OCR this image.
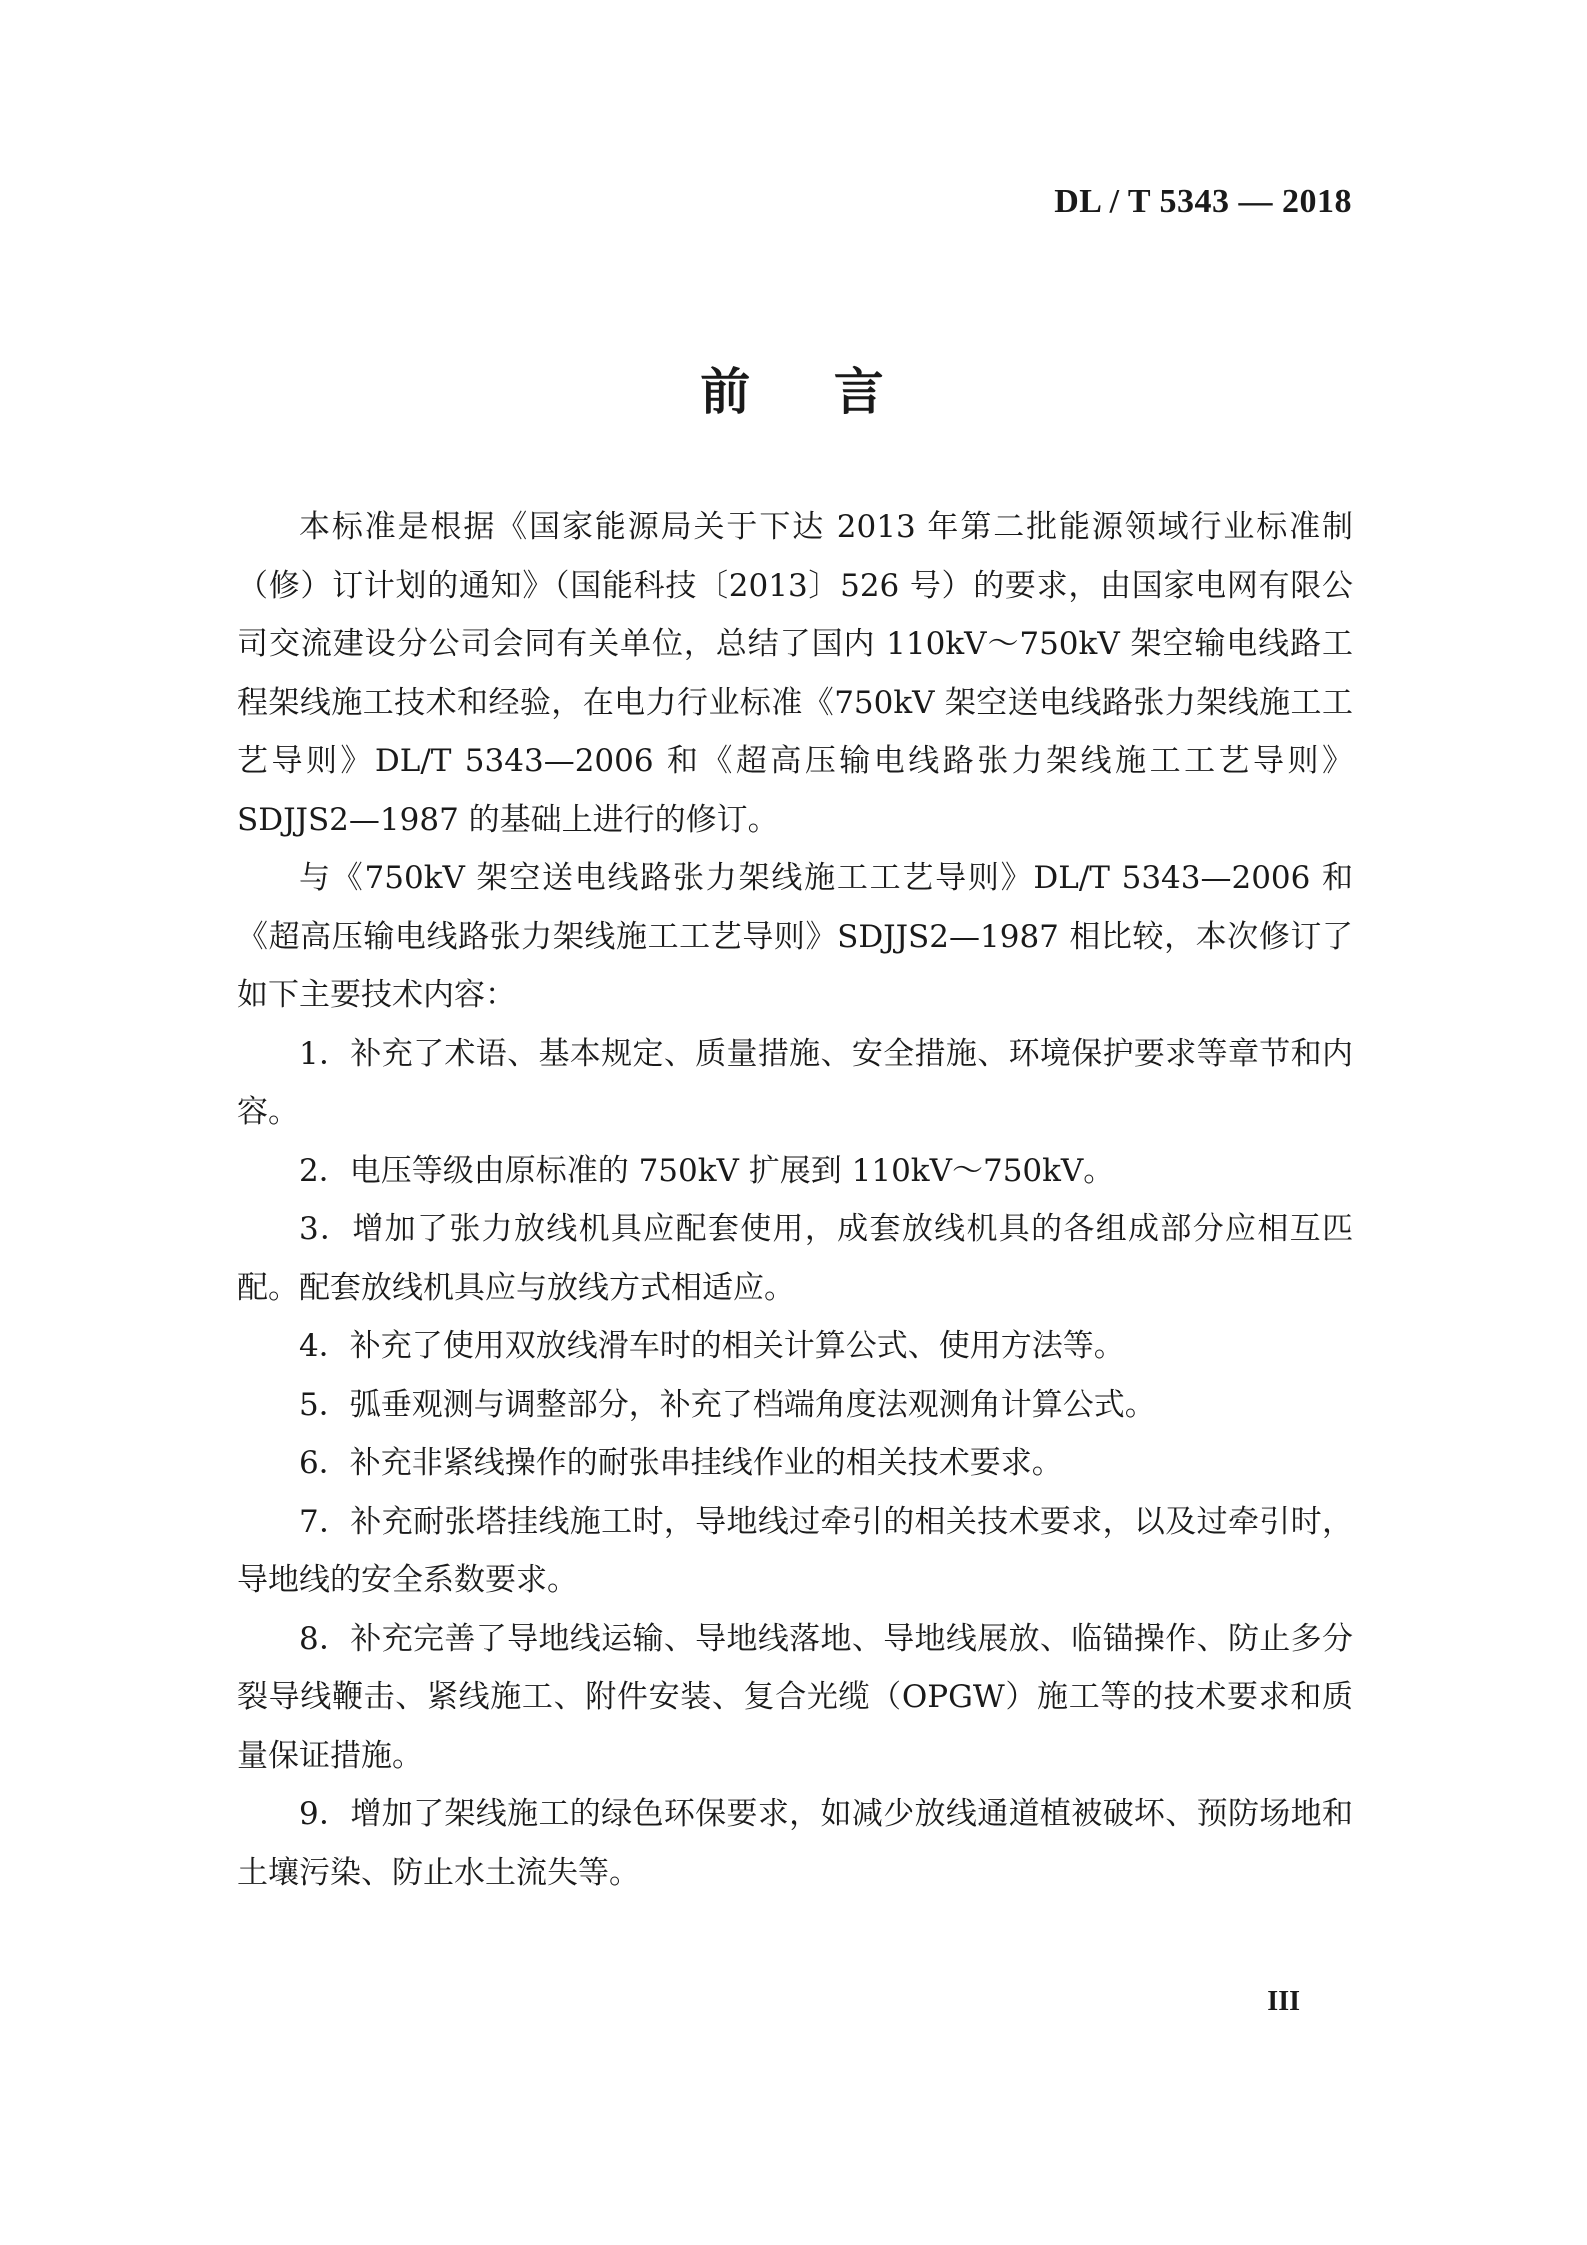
DL / T 5343 — 2018
前 言

本标准是根据《国家能源局关于下达 2013 年第二批能源领域行业标准制（修）订计划的通知》（国能科技〔2013〕526 号）的要求，由国家电网有限公司交流建设分公司会同有关单位，总结了国内 110kV～750kV 架空输电线路工程架线施工技术和经验，在电力行业标准《750kV 架空送电线路张力架线施工工艺导则》DL/T 5343—2006 和《超高压输电线路张力架线施工工艺导则》SDJJS2—1987 的基础上进行的修订。

与《750kV 架空送电线路张力架线施工工艺导则》DL/T 5343—2006 和《超高压输电线路张力架线施工工艺导则》SDJJS2—1987 相比较，本次修订了如下主要技术内容：

1．补充了术语、基本规定、质量措施、安全措施、环境保护要求等章节和内容。

2．电压等级由原标准的 750kV 扩展到 110kV～750kV。

3．增加了张力放线机具应配套使用，成套放线机具的各组成部分应相互匹配。配套放线机具应与放线方式相适应。

4．补充了使用双放线滑车时的相关计算公式、使用方法等。

5．弧垂观测与调整部分，补充了档端角度法观测角计算公式。

6．补充非紧线操作的耐张串挂线作业的相关技术要求。

7．补充耐张塔挂线施工时，导地线过牵引的相关技术要求，以及过牵引时，导地线的安全系数要求。

8．补充完善了导地线运输、导地线落地、导地线展放、临锚操作、防止多分裂导线鞭击、紧线施工、附件安装、复合光缆（OPGW）施工等的技术要求和质量保证措施。

9．增加了架线施工的绿色环保要求，如减少放线通道植被破坏、预防场地和土壤污染、防止水土流失等。

III
